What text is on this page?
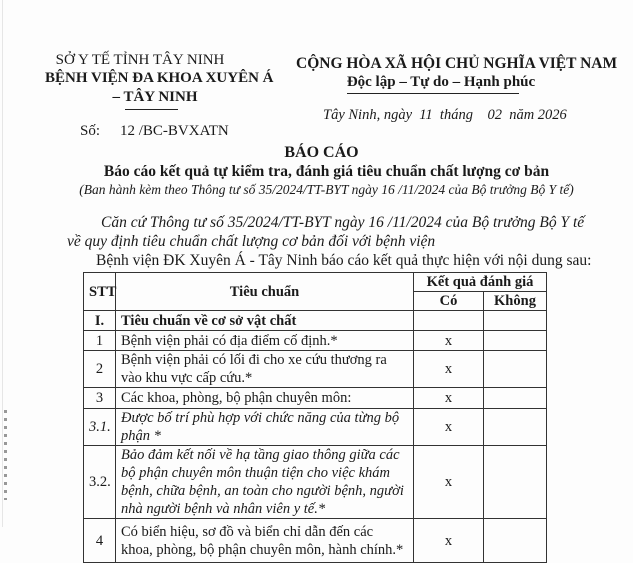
SỞ Y TẾ TỈNH TÂY NINH
BỆNH VIỆN ĐA KHOA XUYÊN Á
– TÂY NINH
Số: 12 /BC-BVXATN
CỘNG HÒA XÃ HỘI CHỦ NGHĨA VIỆT NAM
Độc lập – Tự do – Hạnh phúc
Tây Ninh, ngày  11  tháng    02  năm 2026
BÁO CÁO
Báo cáo kết quả tự kiểm tra, đánh giá tiêu chuẩn chất lượng cơ bản
(Ban hành kèm theo Thông tư số 35/2024/TT-BYT ngày 16 /11/2024 của Bộ trưởng Bộ Y tế)
Căn cứ Thông tư số 35/2024/TT-BYT ngày 16 /11/2024 của Bộ trưởng Bộ Y tế
về quy định tiêu chuẩn chất lượng cơ bản đối với bệnh viện
Bệnh viện ĐK Xuyên Á - Tây Ninh báo cáo kết quả thực hiện với nội dung sau:
STT	Tiêu chuẩn	Kết quả đánh giá	
		Có	Không
I.	Tiêu chuẩn về cơ sở vật chất		
1	Bệnh viện phải có địa điểm cố định.*	x	
2	Bệnh viện phải có lối đi cho xe cứu thương ra vào khu vực cấp cứu.*	x	
3	Các khoa, phòng, bộ phận chuyên môn:	x	
3.1.	Được bố trí phù hợp với chức năng của từng bộ phận *	x	
3.2.	Bảo đảm kết nối về hạ tầng giao thông giữa các bộ phận chuyên môn thuận tiện cho việc khám bệnh, chữa bệnh, an toàn cho người bệnh, người nhà người bệnh và nhân viên y tế.*	x	
4	Có biển hiệu, sơ đồ và biển chỉ dẫn đến các khoa, phòng, bộ phận chuyên môn, hành chính.*	x	
